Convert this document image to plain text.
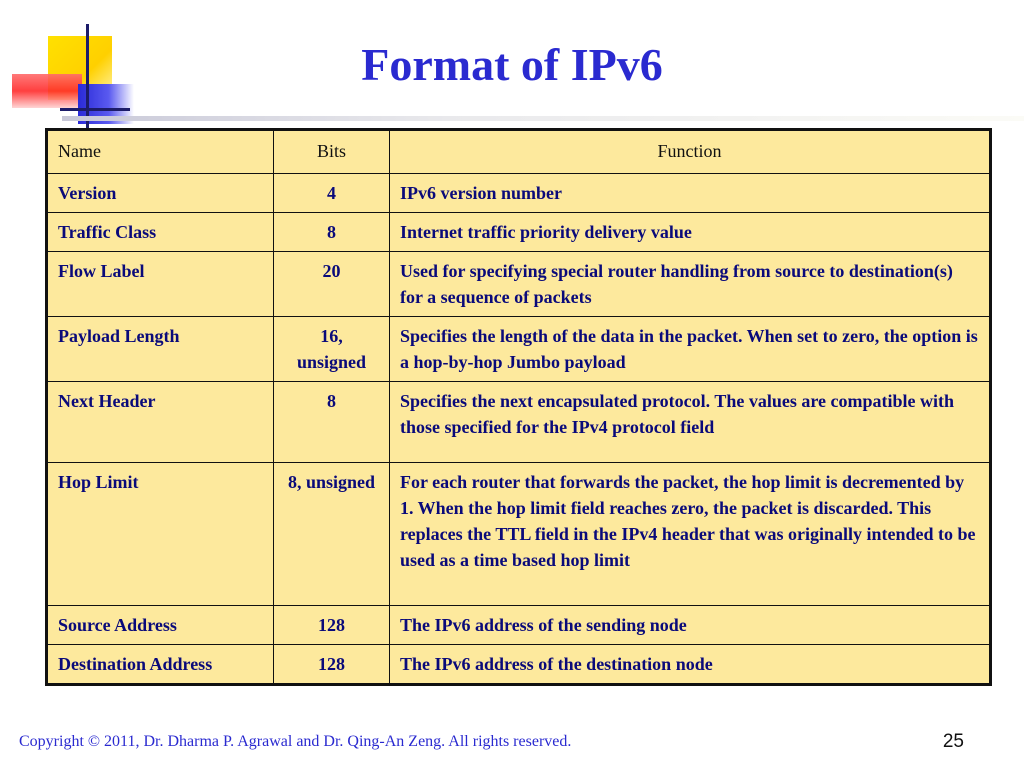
Format of IPv6
Name	Bits	Function
Version	4	IPv6 version number
Traffic Class	8	Internet traffic priority delivery value
Flow Label	20	Used for specifying special router handling from source to destination(s) for a sequence of packets
Payload Length	16, unsigned	Specifies the length of the data in the packet. When set to zero, the option is a hop-by-hop Jumbo payload
Next Header	8	Specifies the next encapsulated protocol. The values are compatible with those specified for the IPv4 protocol field
Hop Limit	8, unsigned	For each router that forwards the packet, the hop limit is decremented by 1. When the hop limit field reaches zero, the packet is discarded. This replaces the TTL field in the IPv4 header that was originally intended to be used as a time based hop limit
Source Address	128	The IPv6 address of the sending node
Destination Address	128	The IPv6 address of the destination node
Copyright © 2011, Dr. Dharma P. Agrawal and Dr. Qing-An Zeng. All rights reserved.	25
